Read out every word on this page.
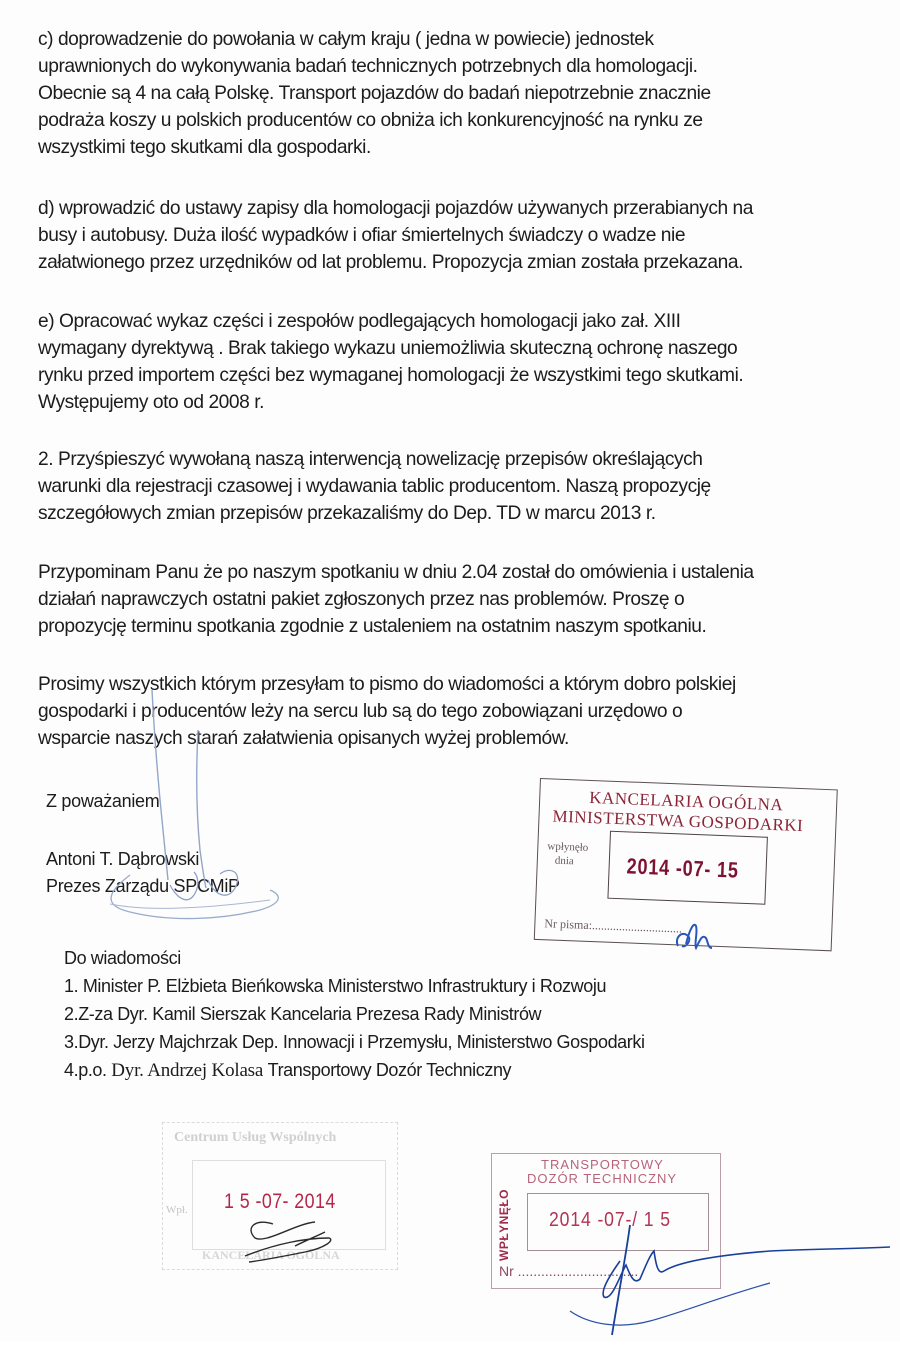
c) doprowadzenie do powołania w całym kraju ( jedna w powiecie) jednostek
uprawnionych do wykonywania badań technicznych potrzebnych dla homologacji.
Obecnie są 4 na całą Polskę. Transport pojazdów do badań niepotrzebnie znacznie
podraża koszy u polskich producentów co obniża ich konkurencyjność na rynku ze
wszystkimi tego skutkami dla gospodarki.
d) wprowadzić do ustawy zapisy dla homologacji pojazdów używanych przerabianych na
busy i autobusy. Duża ilość wypadków i ofiar śmiertelnych świadczy o wadze nie
załatwionego przez urzędników od lat problemu. Propozycja zmian została przekazana.
e) Opracować wykaz części i zespołów podlegających homologacji jako zał. XIII
wymagany dyrektywą . Brak takiego wykazu uniemożliwia skuteczną ochronę naszego
rynku przed importem części bez wymaganej homologacji że wszystkimi tego skutkami.
Występujemy oto od 2008 r.
2. Przyśpieszyć wywołaną naszą interwencją nowelizację przepisów określających
warunki dla rejestracji czasowej i wydawania tablic producentom. Naszą propozycję
szczegółowych zmian przepisów przekazaliśmy do Dep. TD w marcu 2013 r.
Przypominam Panu że po naszym spotkaniu w dniu 2.04 został do omówienia i ustalenia
działań naprawczych ostatni pakiet zgłoszonych przez nas problemów. Proszę o
propozycję terminu spotkania zgodnie z ustaleniem na ostatnim naszym spotkaniu.
Prosimy wszystkich którym przesyłam to pismo do wiadomości a którym dobro polskiej
gospodarki i producentów leży na sercu lub są do tego zobowiązani urzędowo o
wsparcie naszych starań załatwienia opisanych wyżej problemów.
Z poważaniem
Antoni T. Dąbrowski
Prezes Zarządu SPCMiP
KANCELARIA OGÓLNA
MINISTERSTWA GOSPODARKI
wpłynęło
dnia 2014 -07- 15
Nr pisma:..............................
Do wiadomości
1. Minister P. Elżbieta Bieńkowska Ministerstwo Infrastruktury i Rozwoju
2.Z-za Dyr. Kamil Sierszak Kancelaria Prezesa Rady Ministrów
3.Dyr. Jerzy Majchrzak Dep. Innowacji i Przemysłu, Ministerstwo Gospodarki
4.p.o. Dyr. Andrzej Kolasa Transportowy Dozór Techniczny
Centrum Usług Wspólnych
Wpł. 1 5 -07- 2014
KANCELARIA OGÓLNA
TRANSPORTOWY
DOZÓR TECHNICZNY
WPŁYNĘŁO 2014 -07-/ 1 5
Nr ...............................
